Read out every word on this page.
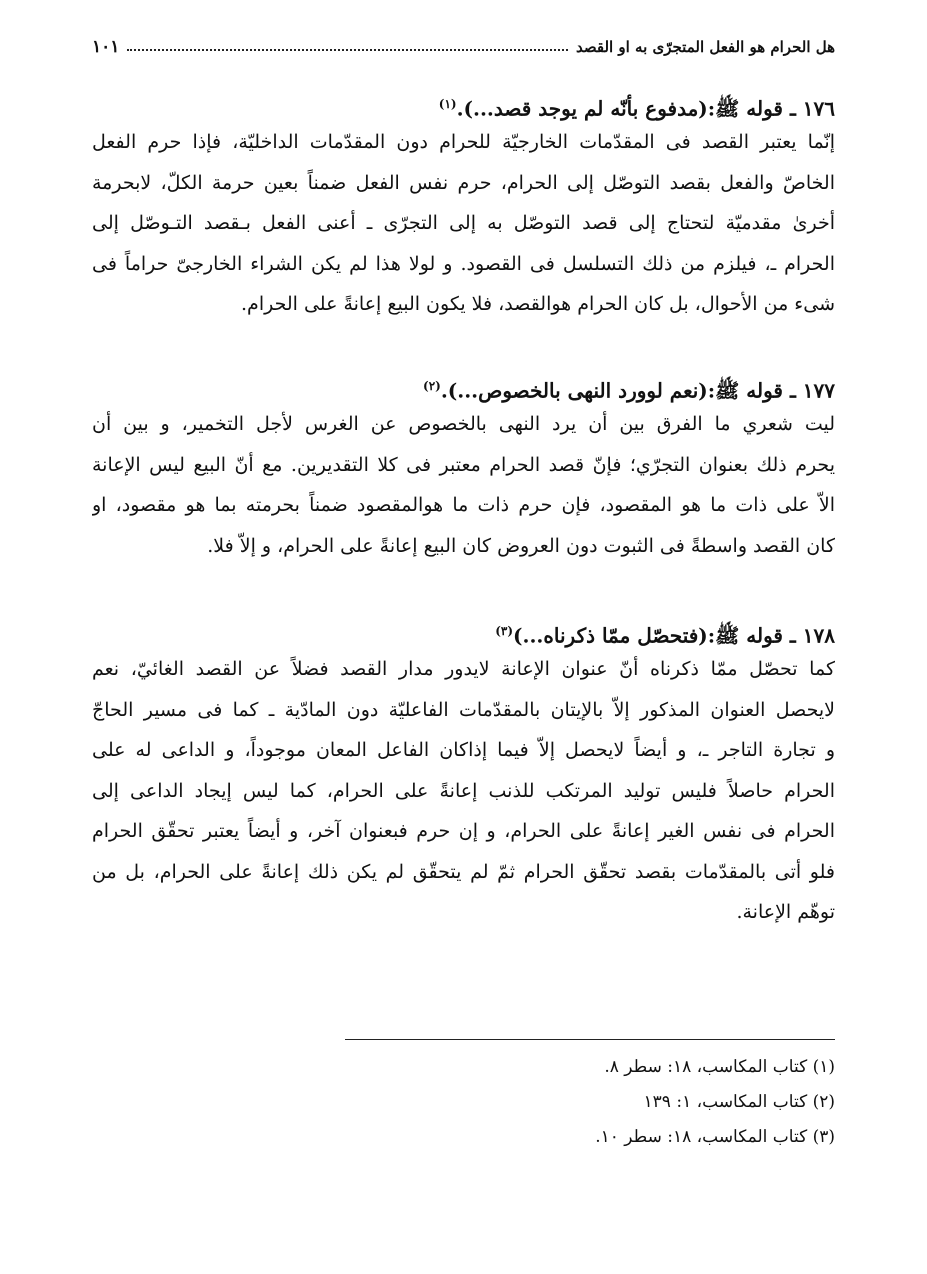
هل الحرام هو الفعل المتجرّى به او القصد
١٠١
١٧٦ ـ قوله ﷺ:(مدفوع بأنّه لم يوجد قصد...).$^{(١)}$

إنّما يعتبر القصد فى المقدّمات الخارجيّة للحرام دون المقدّمات الداخليّة، فإذا حرم الفعل

الخاصّ والفعل بقصد التوصّل إلى الحرام، حرم نفس الفعل ضمناً بعين حرمة الكلّ، لابحرمة

أخرىٰ مقدميّة لتحتاج إلى قصد التوصّل به إلى التجرّى ـ أعنى الفعل بـقصد التـوصّل إلى

الحرام ـ، فيلزم من ذلك التسلسل فى القصود. و لولا هذا لم يكن الشراء الخارجىّ حراماً فى

شىء من الأحوال، بل كان الحرام هوالقصد، فلا يكون البيع إعانةً على الحرام.

١٧٧ ـ قوله ﷺ:(نعم لوورد النهى بالخصوص...).$^{(٢)}$

ليت شعري ما الفرق بين أن يرد النهى بالخصوص عن الغرس لأجل التخمير، و بين أن

يحرم ذلك بعنوان التجرّي؛ فإنّ قصد الحرام معتبر فى كلا التقديرين. مع أنّ البيع ليس الإعانة

الاّ على ذات ما هو المقصود، فإن حرم ذات ما هوالمقصود ضمناً بحرمته بما هو مقصود، او

كان القصد واسطةً فى الثبوت دون العروض كان البيع إعانةً على الحرام، و إلاّ فلا.

١٧٨ ـ قوله ﷺ:(فتحصّل ممّا ذكرناه...)$^{(٣)}$

كما تحصّل ممّا ذكرناه أنّ عنوان الإعانة لايدور مدار القصد فضلاً عن القصد الغائيّ، نعم

لايحصل العنوان المذكور إلاّ بالإيتان بالمقدّمات الفاعليّة دون المادّية ـ كما فى مسير الحاجّ

و تجارة التاجر ـ، و أيضاً لايحصل إلاّ فيما إذاكان الفاعل المعان موجوداً، و الداعى له على

الحرام حاصلاً فليس توليد المرتكب للذنب إعانةً على الحرام، كما ليس إيجاد الداعى إلى

الحرام فى نفس الغير إعانةً على الحرام، و إن حرم فبعنوان آخر، و أيضاً يعتبر تحقّق الحرام

فلو أتى بالمقدّمات بقصد تحقّق الحرام ثمّ لم يتحقّق لم يكن ذلك إعانةً على الحرام، بل من

توهّم الإعانة.

(١) كتاب المكاسب، ١٨: سطر ٨.
(٢) كتاب المكاسب، ١: ١٣٩
(٣) كتاب المكاسب، ١٨: سطر ١٠.
